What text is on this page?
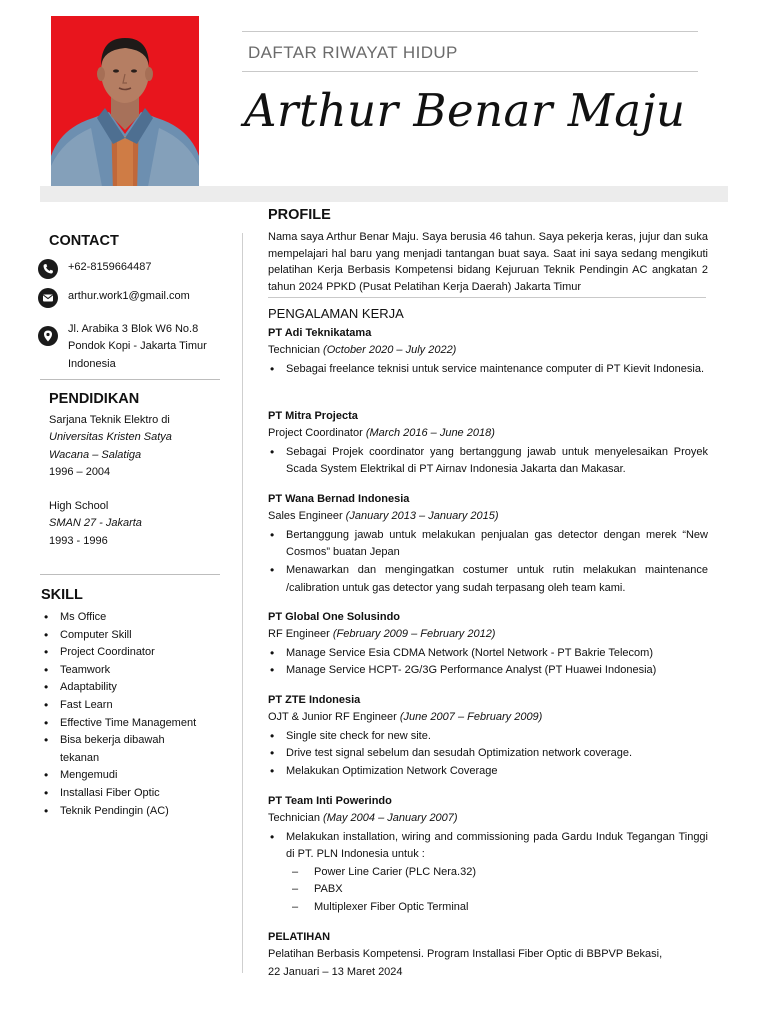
DAFTAR RIWAYAT HIDUP
Arthur Benar Maju
CONTACT
+62-8159664487
arthur.work1@gmail.com
Jl. Arabika 3 Blok W6 No.8
Pondok Kopi - Jakarta Timur
Indonesia
PENDIDIKAN
Sarjana Teknik Elektro di
Universitas Kristen Satya
Wacana – Salatiga
1996 – 2004
High School
SMAN 27 - Jakarta
1993 - 1996
SKILL
• Ms Office
• Computer Skill
• Project Coordinator
• Teamwork
• Adaptability
• Fast Learn
• Effective Time Management
• Bisa bekerja dibawah tekanan
• Mengemudi
• Installasi Fiber Optic
• Teknik Pendingin (AC)
PROFILE
Nama saya Arthur Benar Maju. Saya berusia 46 tahun. Saya pekerja keras, jujur dan suka mempelajari hal baru yang menjadi tantangan buat saya. Saat ini saya sedang mengikuti pelatihan Kerja Berbasis Kompetensi bidang Kejuruan Teknik Pendingin AC angkatan 2 tahun 2024 PPKD (Pusat Pelatihan Kerja Daerah) Jakarta Timur
PENGALAMAN KERJA
PT Adi Teknikatama
Technician (October 2020 – July 2022)
• Sebagai freelance teknisi untuk service maintenance computer di PT Kievit Indonesia.
PT Mitra Projecta
Project Coordinator (March 2016 – June 2018)
• Sebagai Projek coordinator yang bertanggung jawab untuk menyelesaikan Proyek Scada System Elektrikal di PT Airnav Indonesia Jakarta dan Makasar.
PT Wana Bernad Indonesia
Sales Engineer (January 2013 – January 2015)
• Bertanggung jawab untuk melakukan penjualan gas detector dengan merek “New Cosmos” buatan Jepan
• Menawarkan dan mengingatkan costumer untuk rutin melakukan maintenance /calibration untuk gas detector yang sudah terpasang oleh team kami.
PT Global One Solusindo
RF Engineer (February 2009 – February 2012)
• Manage Service Esia CDMA Network (Nortel Network - PT Bakrie Telecom)
• Manage Service HCPT- 2G/3G Performance Analyst (PT Huawei Indonesia)
PT ZTE Indonesia
OJT & Junior RF Engineer (June 2007 – February 2009)
• Single site check for new site.
• Drive test signal sebelum dan sesudah Optimization network coverage.
• Melakukan Optimization Network Coverage
PT Team Inti Powerindo
Technician (May 2004 – January 2007)
• Melakukan installation, wiring and commissioning pada Gardu Induk Tegangan Tinggi di PT. PLN Indonesia untuk :
– Power Line Carier (PLC Nera.32)
– PABX
– Multiplexer Fiber Optic Terminal
PELATIHAN
Pelatihan Berbasis Kompetensi. Program Installasi Fiber Optic di BBPVP Bekasi,
22 Januari – 13 Maret 2024
